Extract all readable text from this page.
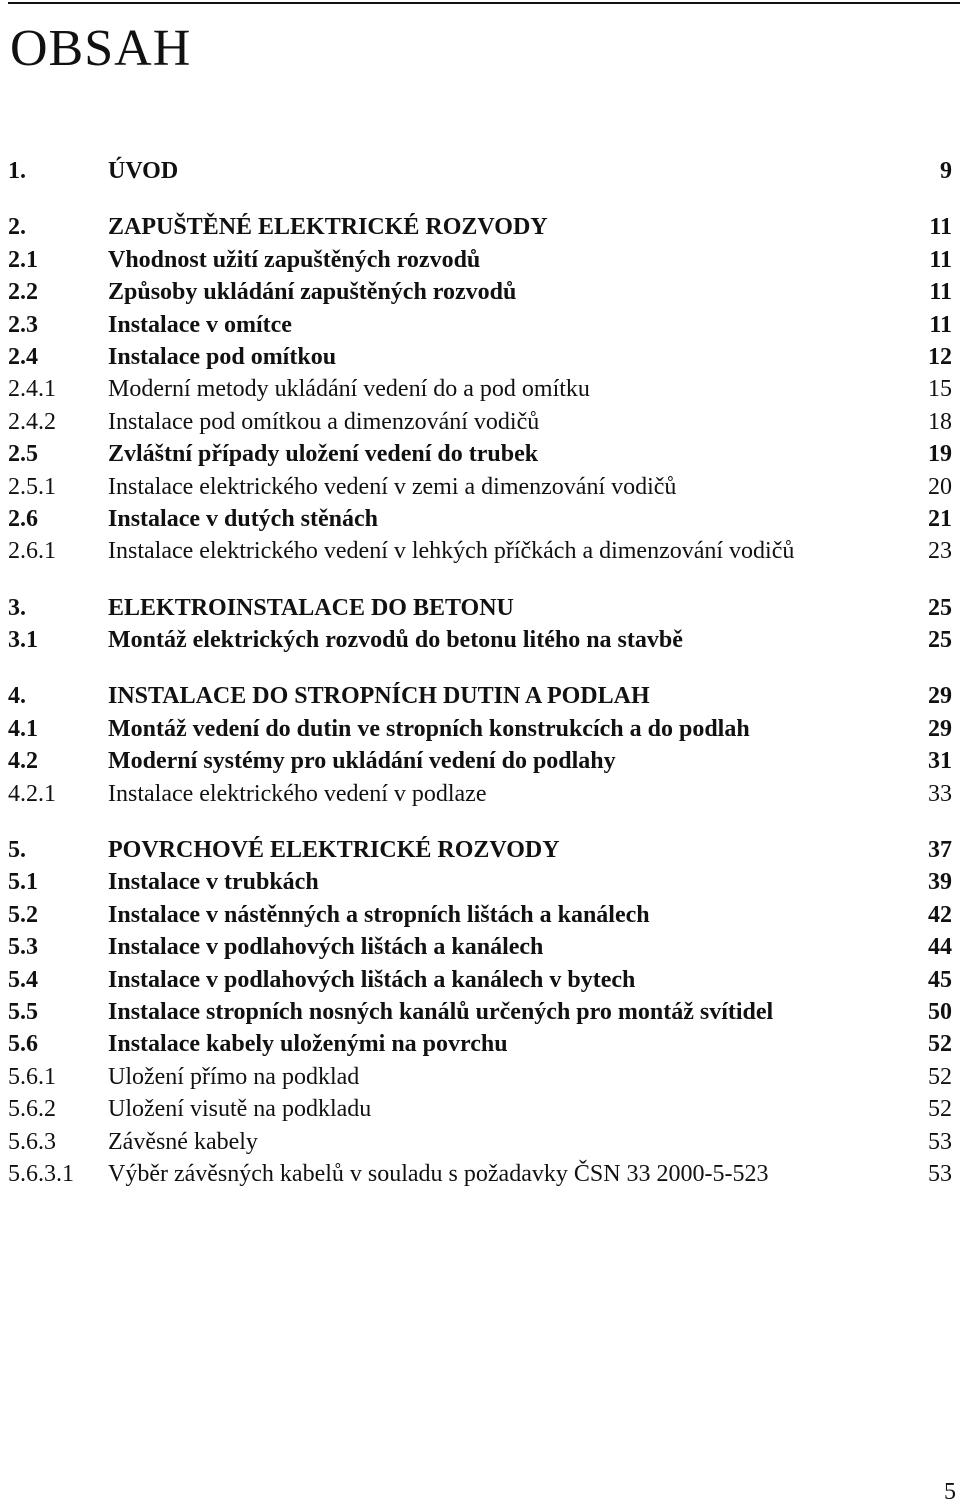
OBSAH
1.	ÚVOD	9
2.	ZAPUŠTĚNÉ ELEKTRICKÉ ROZVODY	11
2.1	Vhodnost užití zapuštěných rozvodů	11
2.2	Způsoby ukládání zapuštěných rozvodů	11
2.3	Instalace v omítce	11
2.4	Instalace pod omítkou	12
2.4.1 Moderní metody ukládání vedení do a pod omítku	15
2.4.2 Instalace pod omítkou a dimenzování vodičů	18
2.5	Zvláštní případy uložení vedení do trubek	19
2.5.1 Instalace elektrického vedení v zemi a dimenzování vodičů	20
2.6	Instalace v dutých stěnách	21
2.6.1 Instalace elektrického vedení v lehkých příčkách a dimenzování vodičů	23
3.	ELEKTROINSTALACE DO BETONU	25
3.1	Montáž elektrických rozvodů do betonu litého na stavbě	25
4.	INSTALACE DO STROPNÍCH DUTIN A PODLAH	29
4.1	Montáž vedení do dutin ve stropních konstrukcích a do podlah	29
4.2	Moderní systémy pro ukládání vedení do podlahy	31
4.2.1 Instalace elektrického vedení v podlaze	33
5.	POVRCHOVÉ ELEKTRICKÉ ROZVODY	37
5.1	Instalace v trubkách	39
5.2	Instalace v nástěnných a stropních lištách a kanálech	42
5.3	Instalace v podlahových lištách a kanálech	44
5.4	Instalace v podlahových lištách a kanálech v bytech	45
5.5	Instalace stropních nosných kanálů určených pro montáž svítidel	50
5.6	Instalace kabely uloženými na povrchu	52
5.6.1 Uložení přímo na podklad	52
5.6.2 Uložení visutě na podkladu	52
5.6.3 Závěsné kabely	53
5.6.3.1 Výběr závěsných kabelů v souladu s požadavky ČSN 33 2000-5-523	53
5
